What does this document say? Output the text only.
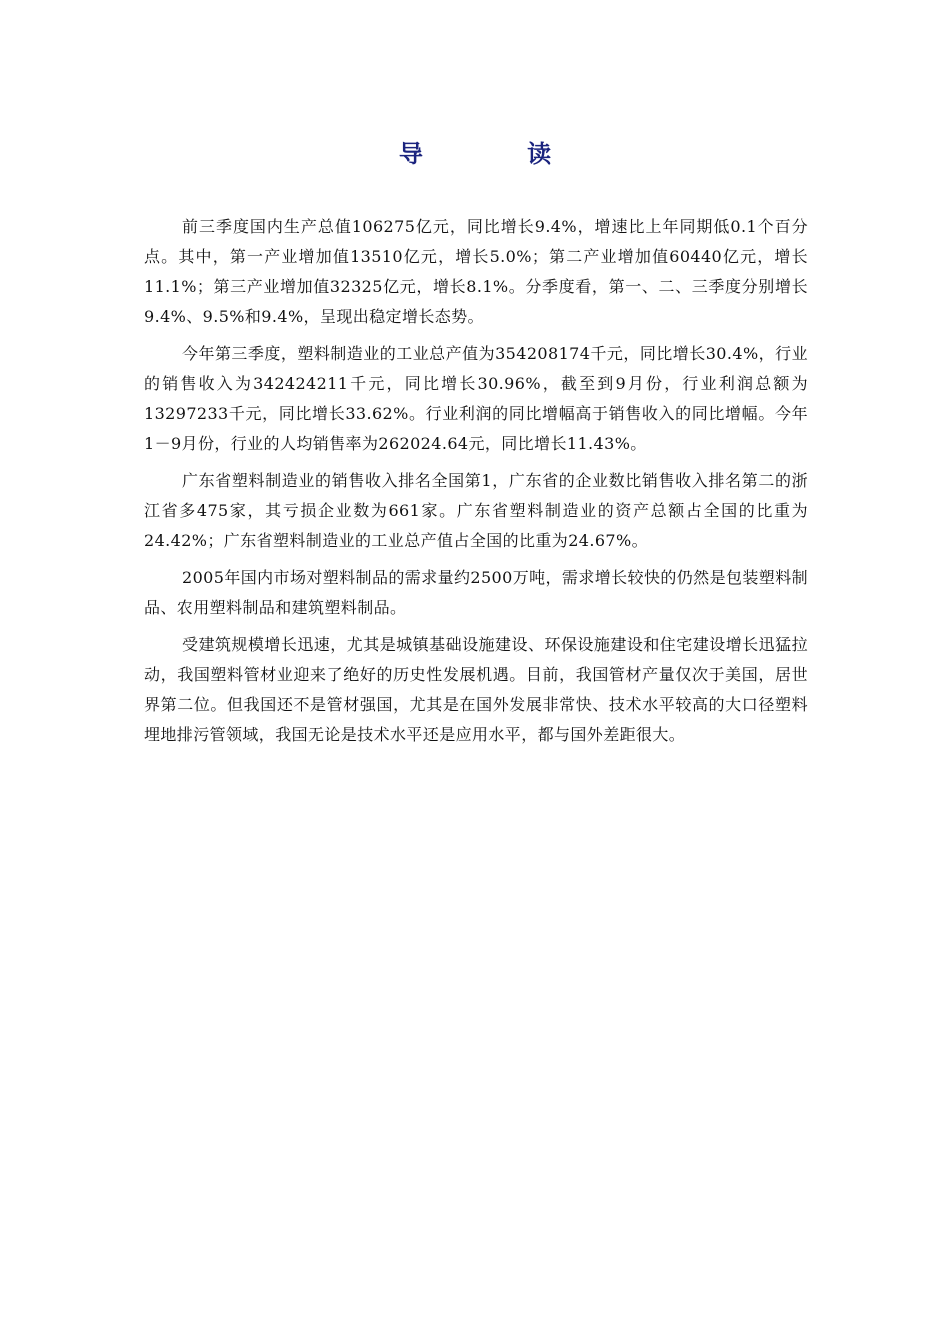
导 读

前三季度国内生产总值106275亿元，同比增长9.4%，增速比上年同期低0.1个百分点。其中，第一产业增加值13510亿元，增长5.0%；第二产业增加值60440亿元，增长11.1%；第三产业增加值32325亿元，增长8.1%。分季度看，第一、二、三季度分别增长9.4%、9.5%和9.4%，呈现出稳定增长态势。

今年第三季度，塑料制造业的工业总产值为354208174千元，同比增长30.4%，行业的销售收入为342424211千元，同比增长30.96%，截至到9月份，行业利润总额为13297233千元，同比增长33.62%。行业利润的同比增幅高于销售收入的同比增幅。今年1－9月份，行业的人均销售率为262024.64元，同比增长11.43%。

广东省塑料制造业的销售收入排名全国第1，广东省的企业数比销售收入排名第二的浙江省多475家，其亏损企业数为661家。广东省塑料制造业的资产总额占全国的比重为24.42%；广东省塑料制造业的工业总产值占全国的比重为24.67%。

2005年国内市场对塑料制品的需求量约2500万吨，需求增长较快的仍然是包装塑料制品、农用塑料制品和建筑塑料制品。

受建筑规模增长迅速，尤其是城镇基础设施建设、环保设施建设和住宅建设增长迅猛拉动，我国塑料管材业迎来了绝好的历史性发展机遇。目前，我国管材产量仅次于美国，居世界第二位。但我国还不是管材强国，尤其是在国外发展非常快、技术水平较高的大口径塑料埋地排污管领域，我国无论是技术水平还是应用水平，都与国外差距很大。
